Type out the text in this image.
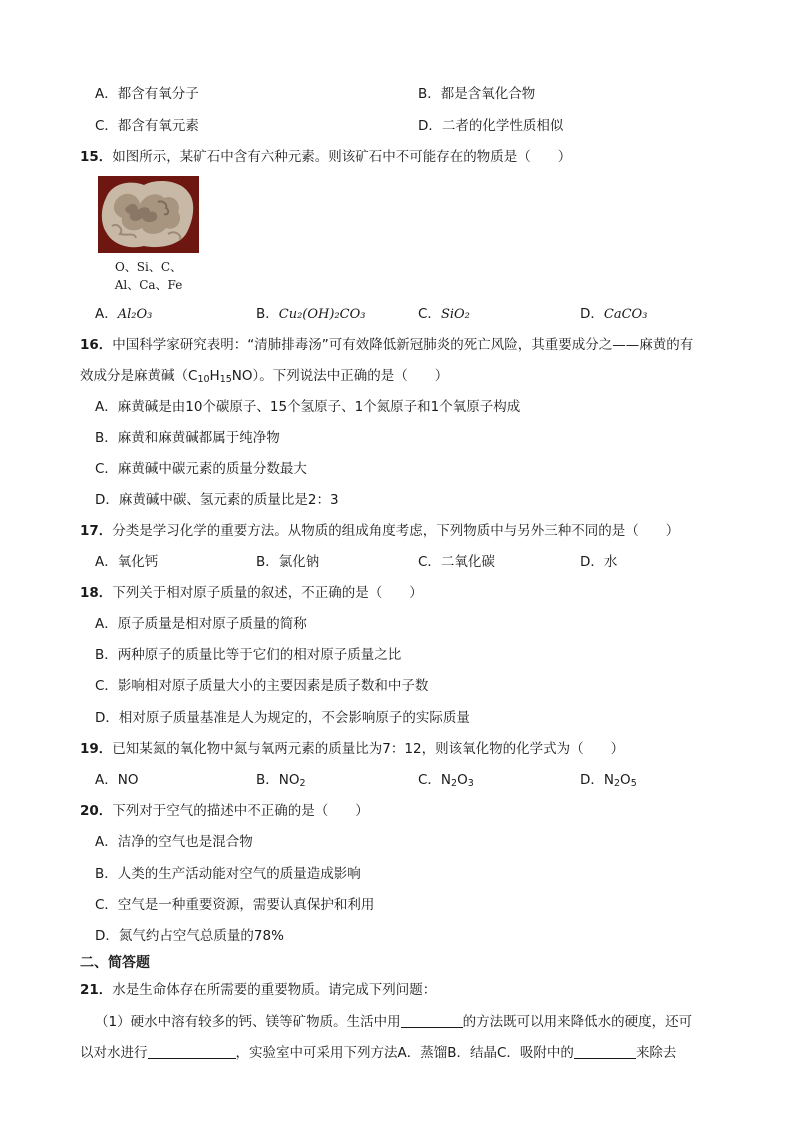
A．都含有氧分子	B．都是含氧化合物
C．都含有氧元素	D．二者的化学性质相似
15．如图所示，某矿石中含有六种元素。则该矿石中不可能存在的物质是（　　）
O、Si、C、
Al、Ca、Fe
A．Al₂O₃	B．Cu₂(OH)₂CO₃	C．SiO₂	D．CaCO₃
16．中国科学家研究表明：“清肺排毒汤”可有效降低新冠肺炎的死亡风险，其重要成分之——麻黄的有
效成分是麻黄碱$(C_{10}H_{15}NO)$。下列说法中正确的是（　　）
A．麻黄碱是由10个碳原子、15个氢原子、1个氮原子和1个氧原子构成
B．麻黄和麻黄碱都属于纯净物
C．麻黄碱中碳元素的质量分数最大
D．麻黄碱中碳、氢元素的质量比是2：3
17．分类是学习化学的重要方法。从物质的组成角度考虑，下列物质中与另外三种不同的是（　　）
A．氧化钙	B．氯化钠	C．二氧化碳	D．水
18．下列关于相对原子质量的叙述，不正确的是（　　）
A．原子质量是相对原子质量的简称
B．两种原子的质量比等于它们的相对原子质量之比
C．影响相对原子质量大小的主要因素是质子数和中子数
D．相对原子质量基准是人为规定的，不会影响原子的实际质量
19．已知某氮的氧化物中氮与氧两元素的质量比为7：12，则该氧化物的化学式为（　　）
A．NO	B．$NO_2$	C．$N_2O_3$	D．$N_2O_5$
20．下列对于空气的描述中不正确的是（　　）
A．洁净的空气也是混合物
B．人类的生产活动能对空气的质量造成影响
C．空气是一种重要资源，需要认真保护和利用
D．氮气约占空气总质量的78%
二、简答题
21．水是生命体存在所需要的重要物质。请完成下列问题：
（1）硬水中溶有较多的钙、镁等矿物质。生活中用	的方法既可以用来降低水的硬度，还可
以对水进行	，实验室中可采用下列方法A．蒸馏B．结晶C．吸附中的	来除去
